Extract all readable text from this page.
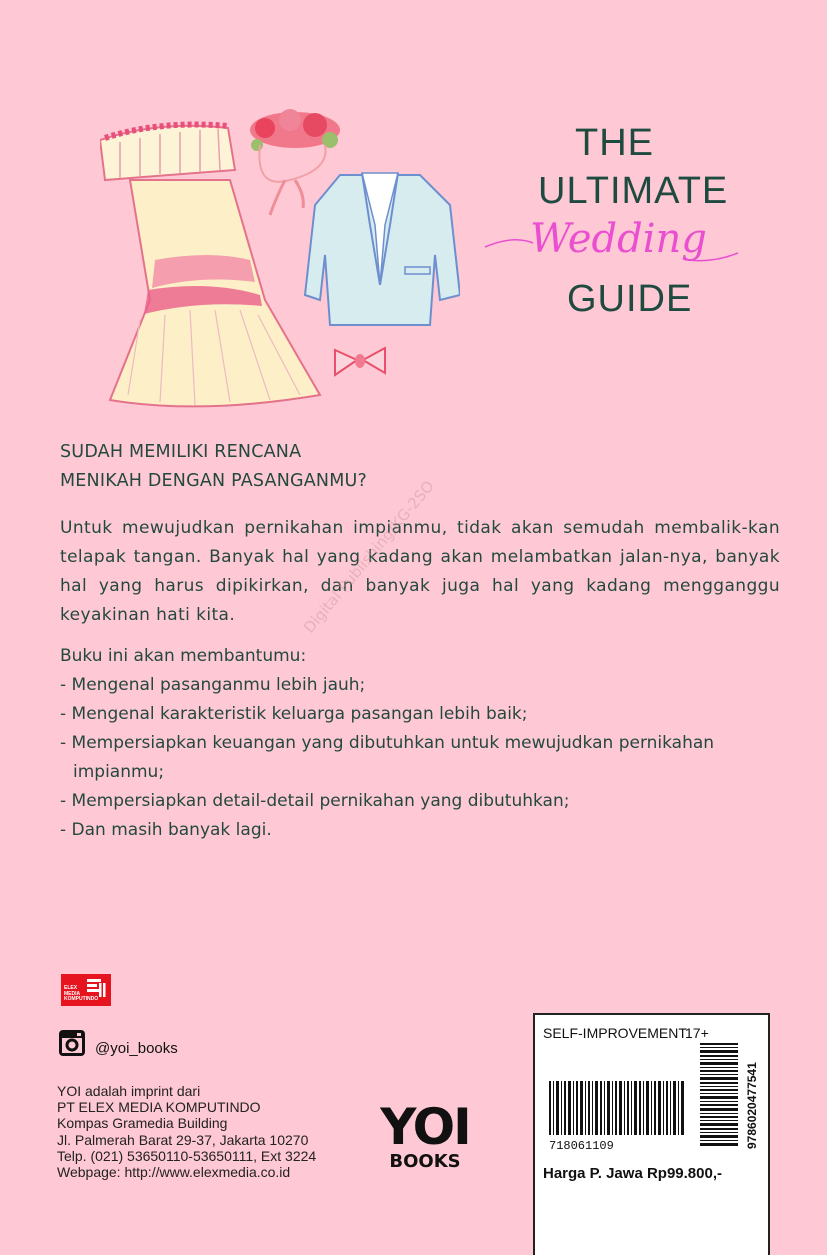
THE
ULTIMATE
Wedding
GUIDE
SUDAH MEMILIKI RENCANA
MENIKAH DENGAN PASANGANMU?
Untuk mewujudkan pernikahan impianmu, tidak akan semudah membalik-kan telapak tangan. Banyak hal yang kadang akan melambatkan jalan-nya, banyak hal yang harus dipikirkan, dan banyak juga hal yang kadang mengganggu keyakinan hati kita.
Buku ini akan membantumu:
- Mengenal pasanganmu lebih jauh;
- Mengenal karakteristik keluarga pasangan lebih baik;
- Mempersiapkan keuangan yang dibutuhkan untuk mewujudkan pernikahan impianmu;
- Mempersiapkan detail-detail pernikahan yang dibutuhkan;
- Dan masih banyak lagi.
Digital Publishing/KG-2SO
ELEX
MEDIA
KOMPUTINDO
@yoi_books
YOI adalah imprint dari
PT ELEX MEDIA KOMPUTINDO
Kompas Gramedia Building
Jl. Palmerah Barat 29-37, Jakarta 10270
Telp. (021) 53650110-53650111, Ext 3224
Webpage: http://www.elexmedia.co.id
YOI
BOOKS
SELF-IMPROVEMENT
17+
718061109	9786020477541
Harga P. Jawa Rp99.800,-
